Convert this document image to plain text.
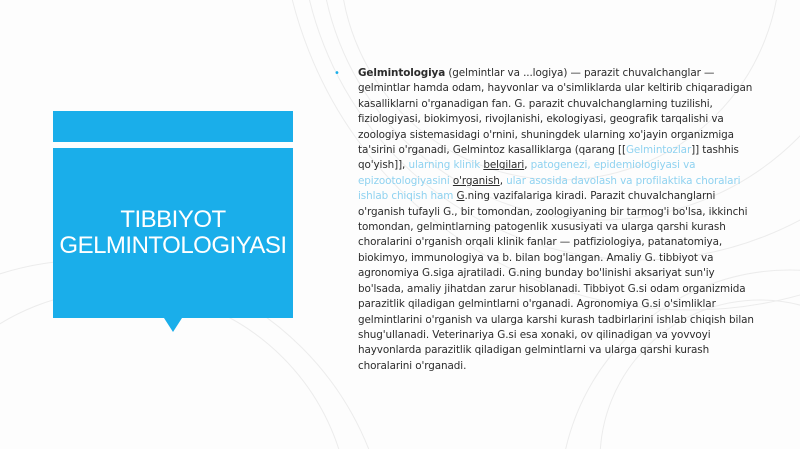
TIBBIYOT GELMINTOLOGIYASI
• Gelmintologiya (gelmintlar va ...logiya) — parazit chuvalchanglar — gelmintlar hamda odam, hayvonlar va o'simliklarda ular keltirib chiqaradigan kasalliklarni o'rganadigan fan. G. parazit chuvalchanglarning tuzilishi, fiziologiyasi, biokimyosi, rivojlanishi, ekologiyasi, geografik tarqalishi va zoologiya sistemasidagi o'rnini, shuningdek ularning xo'jayin organizmiga ta'sirini o'rganadi, Gelmintoz kasalliklarga (qarang [[Gelmintozlar]] tashhis qo'yish]], ularning klinik belgilari, patogenezi, epidemiologiyasi va epizootologiyasini o'rganish, ular asosida davolash va profilaktika choralari ishlab chiqish ham G.ning vazifalariga kiradi. Parazit chuvalchanglarni o'rganish tufayli G., bir tomondan, zoologiyaning bir tarmog'i bo'lsa, ikkinchi tomondan, gelmintlarning patogenlik xususiyati va ularga qarshi kurash choralarini o'rganish orqali klinik fanlar — patfiziologiya, patanatomiya, biokimyo, immunologiya va b. bilan bog'langan. Amaliy G. tibbiyot va agronomiya G.siga ajratiladi. G.ning bunday bo'linishi aksariyat sun'iy bo'lsada, amaliy jihatdan zarur hisoblanadi. Tibbiyot G.si odam organizmida parazitlik qiladigan gelmintlarni o'rganadi. Agronomiya G.si o'simliklar gelmintlarini o'rganish va ularga karshi kurash tadbirlarini ishlab chiqish bilan shug'ullanadi. Veterinariya G.si esa xonaki, ov qilinadigan va yovvoyi hayvonlarda parazitlik qiladigan gelmintlarni va ularga qarshi kurash choralarini o'rganadi.
